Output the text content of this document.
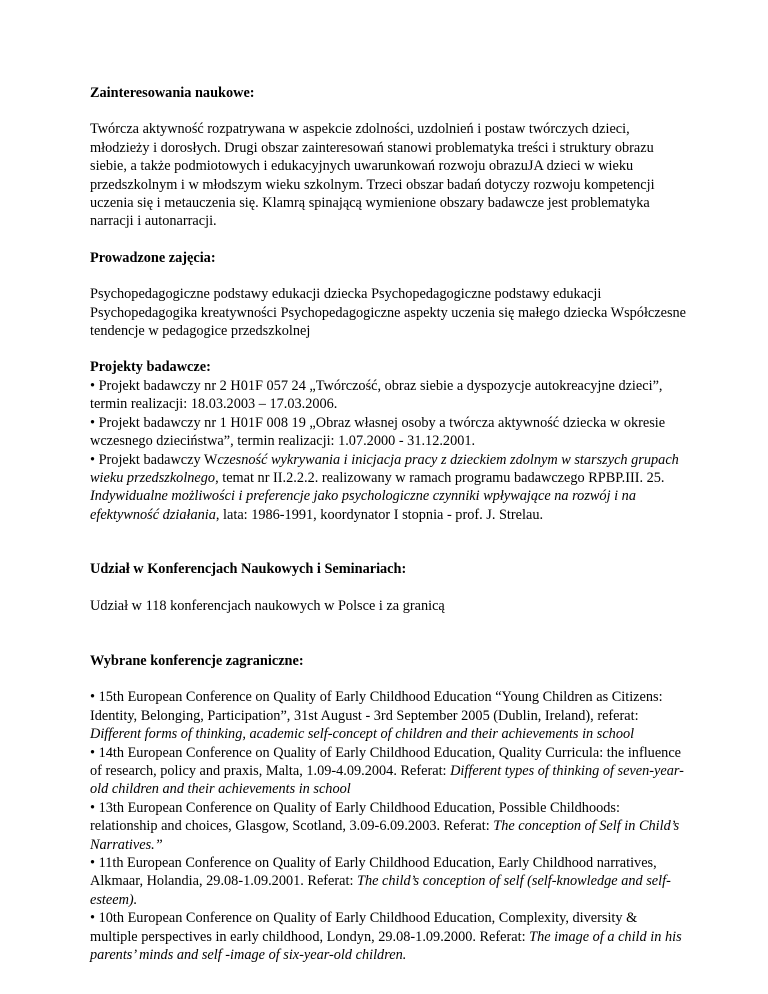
Zainteresowania naukowe:

Twórcza aktywność rozpatrywana w aspekcie zdolności, uzdolnień i postaw twórczych dzieci, młodzieży i dorosłych. Drugi obszar zainteresowań stanowi problematyka treści i struktury obrazu siebie, a także podmiotowych i edukacyjnych uwarunkowań rozwoju obrazuJA dzieci w wieku przedszkolnym i w młodszym wieku szkolnym. Trzeci obszar badań dotyczy rozwoju kompetencji uczenia się i metauczenia się. Klamrą spinającą wymienione obszary badawcze jest problematyka narracji i autonarracji.

Prowadzone zajęcia:

Psychopedagogiczne podstawy edukacji dziecka Psychopedagogiczne podstawy edukacji Psychopedagogika kreatywności Psychopedagogiczne aspekty uczenia się małego dziecka Współczesne tendencje w pedagogice przedszkolnej

Projekty badawcze:
• Projekt badawczy nr 2 H01F 057 24 „Twórczość, obraz siebie a dyspozycje autokreacyjne dzieci”, termin realizacji: 18.03.2003 – 17.03.2006.
• Projekt badawczy nr 1 H01F 008 19 „Obraz własnej osoby a twórcza aktywność dziecka w okresie wczesnego dzieciństwa”, termin realizacji: 1.07.2000 - 31.12.2001.
• Projekt badawczy Wczesność wykrywania i inicjacja pracy z dzieckiem zdolnym w starszych grupach wieku przedszkolnego, temat nr II.2.2.2. realizowany w ramach programu badawczego RPBP.III. 25. Indywidualne możliwości i preferencje jako psychologiczne czynniki wpływające na rozwój i na efektywność działania, lata: 1986-1991, koordynator I stopnia - prof. J. Strelau.
Udział w Konferencjach Naukowych i Seminariach:

Udział w 118 konferencjach naukowych w Polsce i za granicą

Wybrane konferencje zagraniczne:
• 15th European Conference on Quality of Early Childhood Education “Young Children as Citizens: Identity, Belonging, Participation”, 31st August - 3rd September 2005 (Dublin, Ireland), referat: Different forms of thinking, academic self-concept of children and their achievements in school
• 14th European Conference on Quality of Early Childhood Education, Quality Curricula: the influence of research, policy and praxis, Malta, 1.09-4.09.2004. Referat: Different types of thinking of seven-year-old children and their achievements in school
• 13th European Conference on Quality of Early Childhood Education, Possible Childhoods: relationship and choices, Glasgow, Scotland, 3.09-6.09.2003. Referat: The conception of Self in Child’s Narratives.”
• 11th European Conference on Quality of Early Childhood Education, Early Childhood narratives, Alkmaar, Holandia, 29.08-1.09.2001. Referat: The child’s conception of self (self-knowledge and self-esteem).
• 10th European Conference on Quality of Early Childhood Education, Complexity, diversity & multiple perspectives in early childhood, Londyn, 29.08-1.09.2000. Referat: The image of a child in his parents’ minds and self -image of six-year-old children.
